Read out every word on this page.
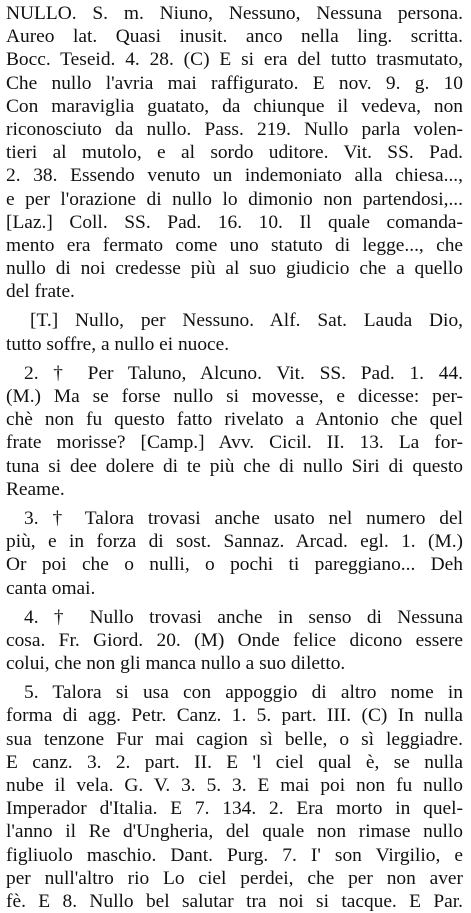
NULLO. S. m. Niuno, Nessuno, Nessuna persona.
Aureo lat. Quasi inusit. anco nella ling. scritta.
Bocc. Teseid. 4. 28. (C) E si era del tutto trasmutato,
Che nullo l'avria mai raffigurato. E nov. 9. g. 10
Con maraviglia guatato, da chiunque il vedeva, non
riconosciuto da nullo. Pass. 219. Nullo parla volen-
tieri al mutolo, e al sordo uditore. Vit. SS. Pad.
2. 38. Essendo venuto un indemoniato alla chiesa...,
e per l'orazione di nullo lo dimonio non partendosi,...
[Laz.] Coll. SS. Pad. 16. 10. Il quale comanda-
mento era fermato come uno statuto di legge..., che
nullo di noi credesse più al suo giudicio che a quello
del frate.
[T.] Nullo, per Nessuno. Alf. Sat. Lauda Dio,
tutto soffre, a nullo ei nuoce.
2. † Per Taluno, Alcuno. Vit. SS. Pad. 1. 44.
(M.) Ma se forse nullo si movesse, e dicesse: per-
chè non fu questo fatto rivelato a Antonio che quel
frate morisse? [Camp.] Avv. Cicil. II. 13. La for-
tuna si dee dolere di te più che di nullo Siri di questo
Reame.
3. † Talora trovasi anche usato nel numero del
più, e in forza di sost. Sannaz. Arcad. egl. 1. (M.)
Or poi che o nulli, o pochi ti pareggiano... Deh
canta omai.
4. † Nullo trovasi anche in senso di Nessuna
cosa. Fr. Giord. 20. (M) Onde felice dicono essere
colui, che non gli manca nullo a suo diletto.
5. Talora si usa con appoggio di altro nome in
forma di agg. Petr. Canz. 1. 5. part. III. (C) In nulla
sua tenzone Fur mai cagion sì belle, o sì leggiadre.
E canz. 3. 2. part. II. E 'l ciel qual è, se nulla
nube il vela. G. V. 3. 5. 3. E mai poi non fu nullo
Imperador d'Italia. E 7. 134. 2. Era morto in quel-
l'anno il Re d'Ungheria, del quale non rimase nullo
figliuolo maschio. Dant. Purg. 7. I' son Virgilio, e
per null'altro rio Lo ciel perdei, che per non aver
fè. E 8. Nullo bel salutar tra noi si tacque. E Par.
